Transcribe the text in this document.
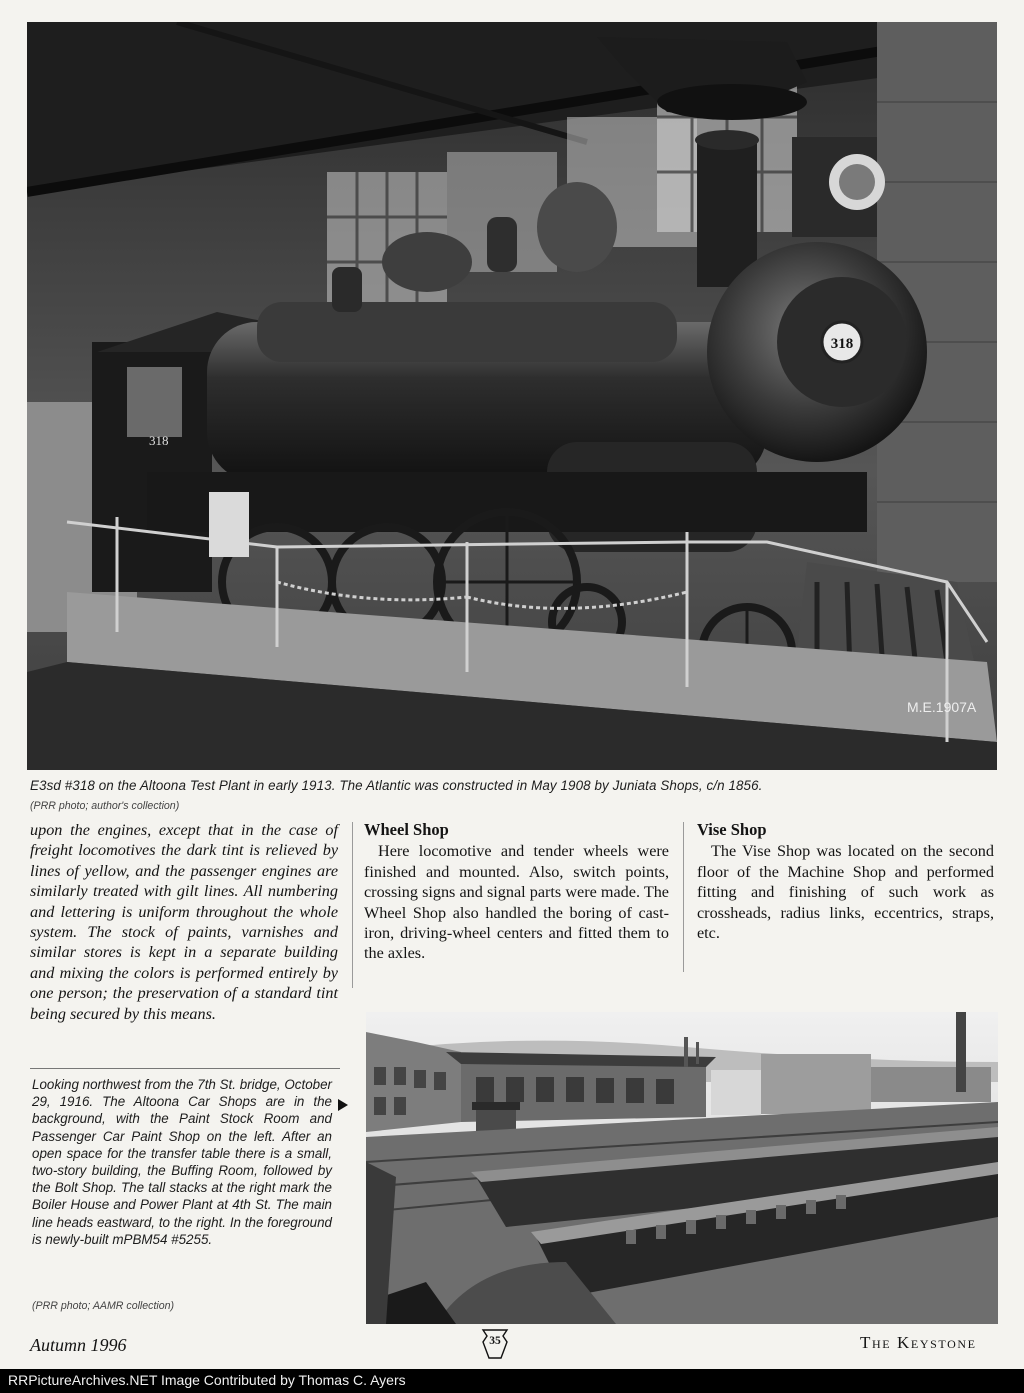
318
318
M.E.1907A
E3sd #318 on the Altoona Test Plant in early 1913. The Atlantic was constructed in May 1908 by Juniata Shops, c/n 1856.
(PRR photo; author's collection)

upon the engines, except that in the case of freight locomotives the dark tint is relieved by lines of yellow, and the passenger engines are similarly treated with gilt lines. All numbering and lettering is uniform throughout the whole system. The stock of paints, varnishes and similar stores is kept in a separate building and mixing the colors is performed entirely by one person; the preservation of a standard tint being secured by this means.

Wheel Shop

Here locomotive and tender wheels were finished and mounted. Also, switch points, crossing signs and signal parts were made. The Wheel Shop also handled the boring of cast-iron, driving-wheel centers and fitted them to the axles.

Vise Shop

The Vise Shop was located on the second floor of the Machine Shop and performed fitting and finishing of such work as crossheads, radius links, eccentrics, straps, etc.

Looking northwest from the 7th St. bridge, October 29, 1916. The Altoona Car Shops are in the background, with the Paint Stock Room and Passenger Car Paint Shop on the left. After an open space for the transfer table there is a small, two-story building, the Buffing Room, followed by the Bolt Shop. The tall stacks at the right mark the Boiler House and Power Plant at 4th St. The main line heads eastward, to the right. In the foreground is newly-built mPBM54 #5255.
(PRR photo; AAMR collection)
Autumn 1996	35	The Keystone
RRPictureArchives.NET Image Contributed by Thomas C. Ayers
